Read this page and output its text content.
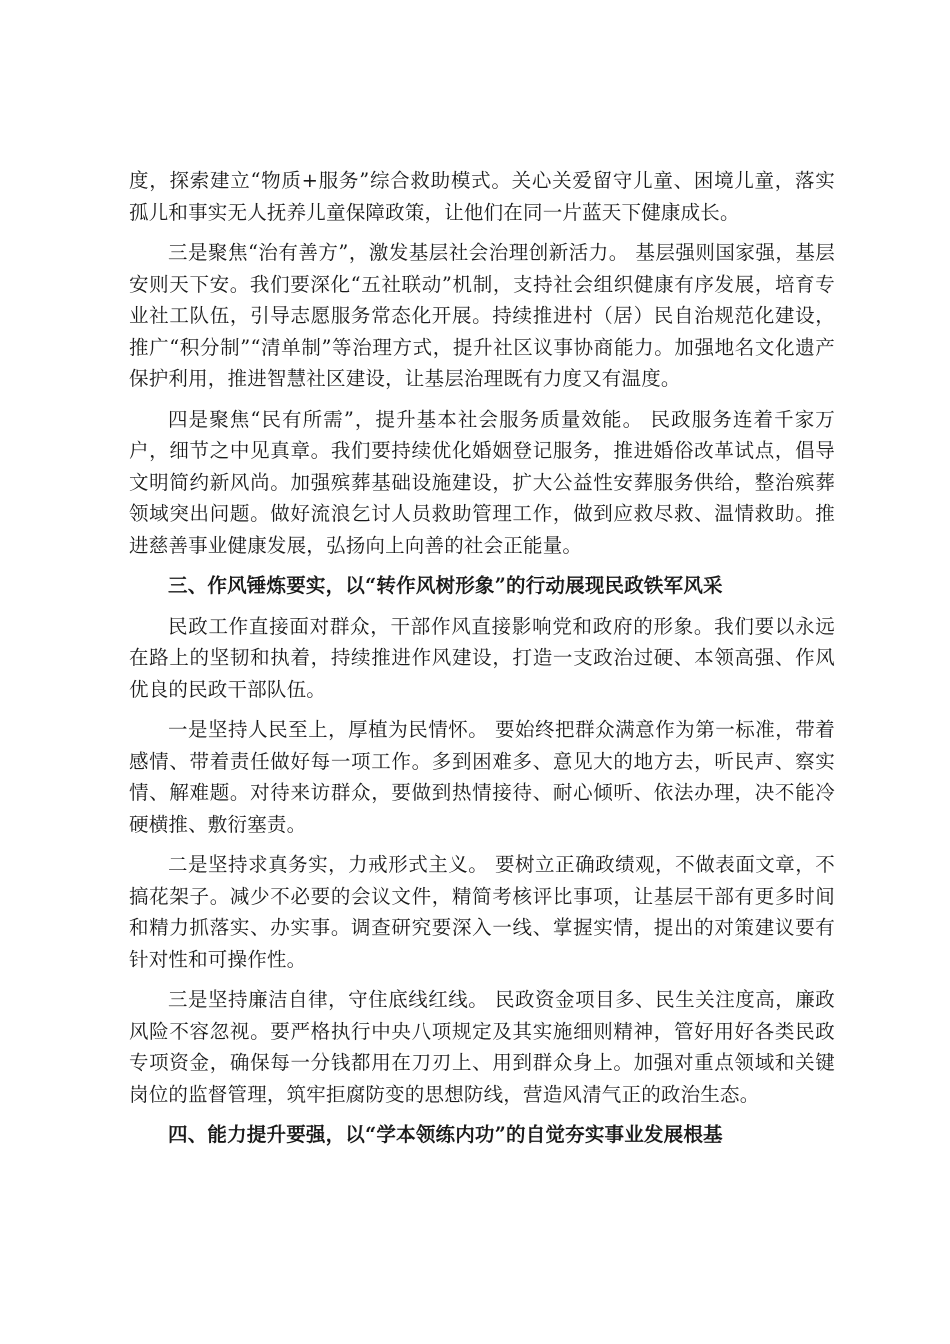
度，探索建立“物质+服务”综合救助模式。关心关爱留守儿童、困境儿童，落实孤儿和事实无人抚养儿童保障政策，让他们在同一片蓝天下健康成长。

三是聚焦“治有善方”，激发基层社会治理创新活力。 基层强则国家强，基层安则天下安。我们要深化“五社联动”机制，支持社会组织健康有序发展，培育专业社工队伍，引导志愿服务常态化开展。持续推进村（居）民自治规范化建设，推广“积分制”“清单制”等治理方式，提升社区议事协商能力。加强地名文化遗产保护利用，推进智慧社区建设，让基层治理既有力度又有温度。

四是聚焦“民有所需”，提升基本社会服务质量效能。 民政服务连着千家万户，细节之中见真章。我们要持续优化婚姻登记服务，推进婚俗改革试点，倡导文明简约新风尚。加强殡葬基础设施建设，扩大公益性安葬服务供给，整治殡葬领域突出问题。做好流浪乞讨人员救助管理工作，做到应救尽救、温情救助。推进慈善事业健康发展，弘扬向上向善的社会正能量。

三、作风锤炼要实，以“转作风树形象”的行动展现民政铁军风采

民政工作直接面对群众，干部作风直接影响党和政府的形象。我们要以永远在路上的坚韧和执着，持续推进作风建设，打造一支政治过硬、本领高强、作风优良的民政干部队伍。

一是坚持人民至上，厚植为民情怀。 要始终把群众满意作为第一标准，带着感情、带着责任做好每一项工作。多到困难多、意见大的地方去，听民声、察实情、解难题。对待来访群众，要做到热情接待、耐心倾听、依法办理，决不能冷硬横推、敷衍塞责。

二是坚持求真务实，力戒形式主义。 要树立正确政绩观，不做表面文章，不搞花架子。减少不必要的会议文件，精简考核评比事项，让基层干部有更多时间和精力抓落实、办实事。调查研究要深入一线、掌握实情，提出的对策建议要有针对性和可操作性。

三是坚持廉洁自律，守住底线红线。 民政资金项目多、民生关注度高，廉政风险不容忽视。要严格执行中央八项规定及其实施细则精神，管好用好各类民政专项资金，确保每一分钱都用在刀刃上、用到群众身上。加强对重点领域和关键岗位的监督管理，筑牢拒腐防变的思想防线，营造风清气正的政治生态。

四、能力提升要强，以“学本领练内功”的自觉夯实事业发展根基
